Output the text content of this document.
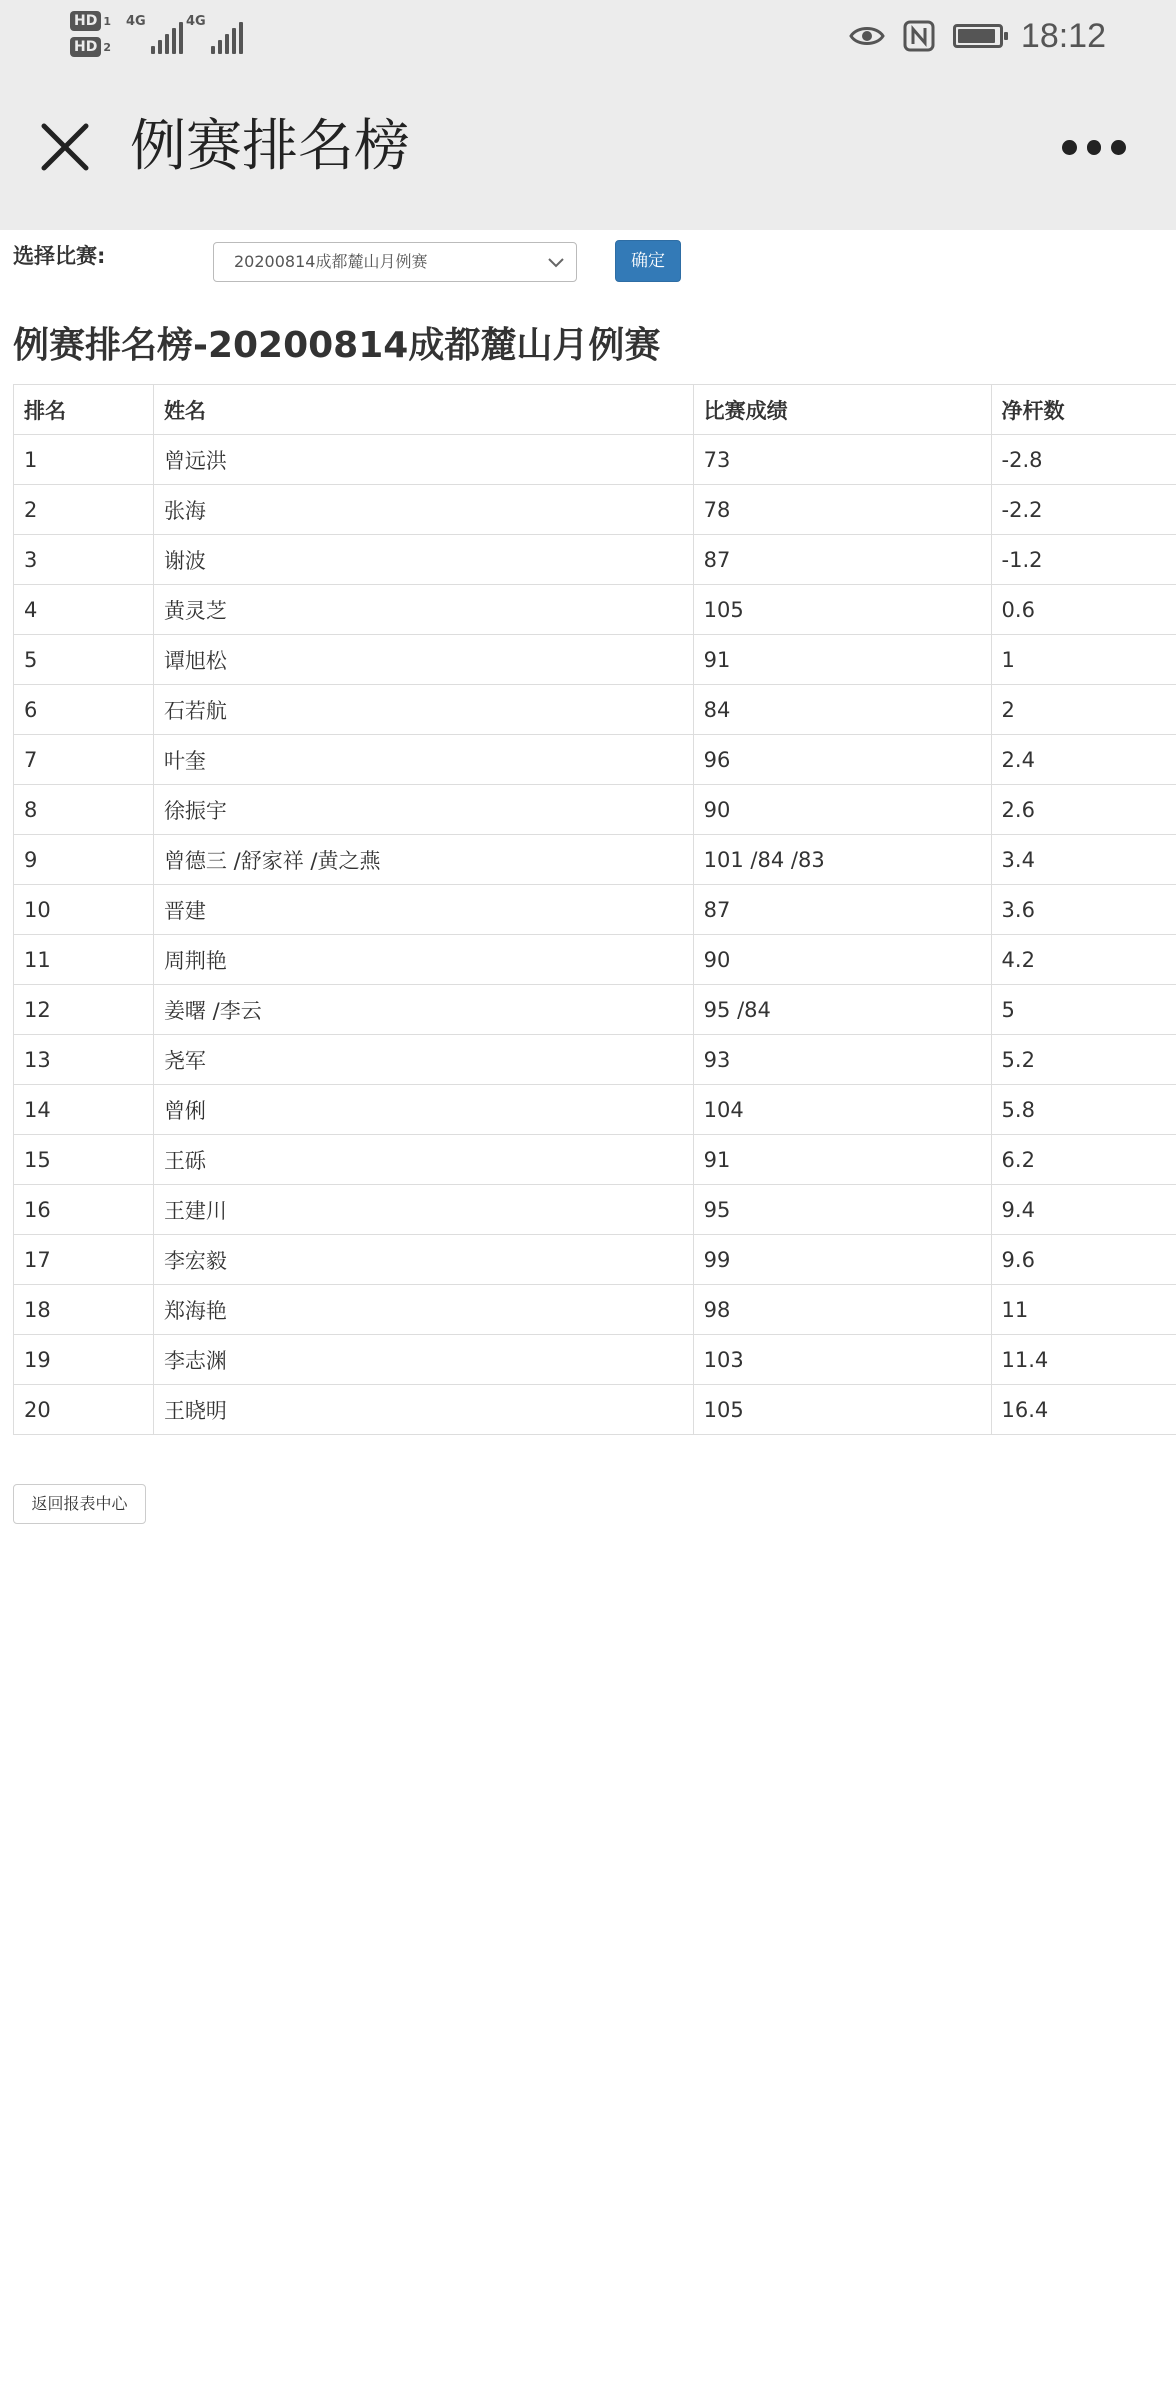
HD 1
HD 2
4G	4G	18:12
例赛排名榜
选择比赛:	20200814成都麓山月例赛	确定
例赛排名榜-20200814成都麓山月例赛
排名	姓名	比赛成绩	净杆数
1	曾远洪	73	-2.8
2	张海	78	-2.2
3	谢波	87	-1.2
4	黄灵芝	105	0.6
5	谭旭松	91	1
6	石若航	84	2
7	叶奎	96	2.4
8	徐振宇	90	2.6
9	曾德三 /舒家祥 /黄之燕	101 /84 /83	3.4
10	晋建	87	3.6
11	周荆艳	90	4.2
12	姜曙 /李云	95 /84	5
13	尧军	93	5.2
14	曾俐	104	5.8
15	王砾	91	6.2
16	王建川	95	9.4
17	李宏毅	99	9.6
18	郑海艳	98	11
19	李志渊	103	11.4
20	王晓明	105	16.4
返回报表中心
